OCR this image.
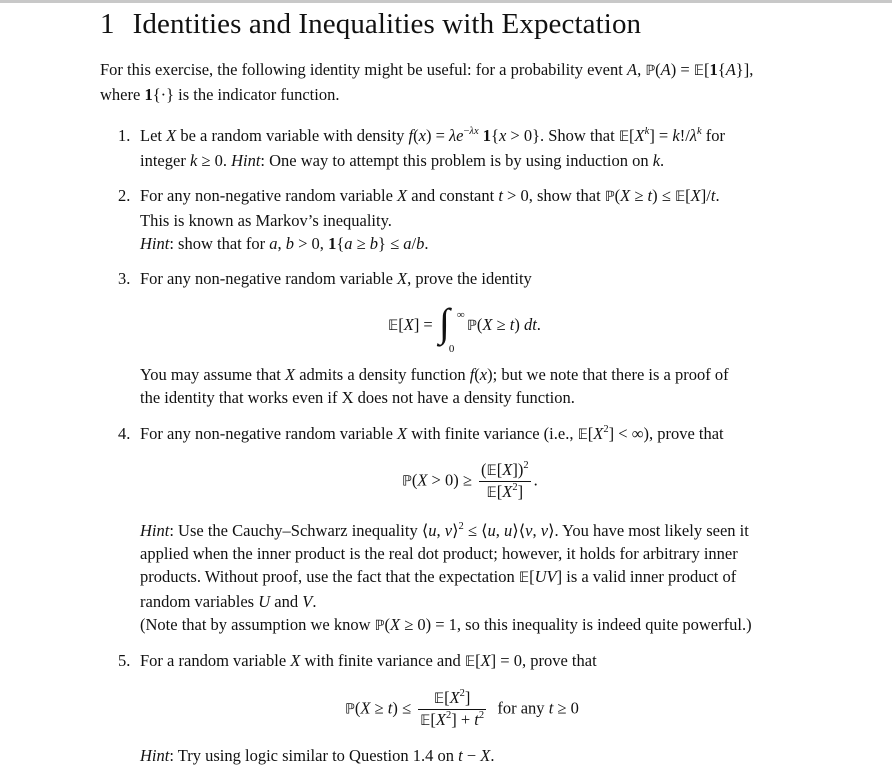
1 Identities and Inequalities with Expectation
For this exercise, the following identity might be useful: for a probability event A, ℙ(A) = 𝔼[1{A}],
where 1{·} is the indicator function.
1. Let X be a random variable with density $f(x) = \lambda e^{-\lambda x}$ 1{x > 0}. Show that $𝔼[X^k] = k!/\lambda^k$ for
integer k ≥ 0. Hint: One way to attempt this problem is by using induction on k.
2. For any non-negative random variable X and constant t > 0, show that ℙ(X ≥ t) ≤ 𝔼[X]/t.
This is known as Markov’s inequality.
Hint: show that for a, b > 0, 1{a ≥ b} ≤ a/b.
3. For any non-negative random variable X, prove the identity
𝔼[X] = ∫ ∞
0
ℙ(X ≥ t) dt.
You may assume that X admits a density function f(x); but we note that there is a proof of
the identity that works even if X does not have a density function.
4. For any non-negative random variable X with finite variance (i.e., $𝔼[X^2]$ < ∞), prove that
ℙ(X > $0) \ge \frac{(𝔼[X])^2}{𝔼[X^2]}$ .
Hint: Use the Cauchy–Schwarz inequality ⟨u, v⟩$^2$ ≤ ⟨u, u⟩⟨v, v⟩. You have most likely seen it
applied when the inner product is the real dot product; however, it holds for arbitrary inner
products. Without proof, use the fact that the expectation 𝔼[UV] is a valid inner product of
random variables U and V.
(Note that by assumption we know ℙ(X ≥ 0) = 1, so this inequality is indeed quite powerful.)
5. For a random variable X with finite variance and 𝔼[X] = 0, prove that
ℙ(X ≥ $t) \le \frac{𝔼[X^2]}{𝔼[X^2] + t^2}$ for any t ≥ 0
Hint: Try using logic similar to Question 1.4 on t − X.
